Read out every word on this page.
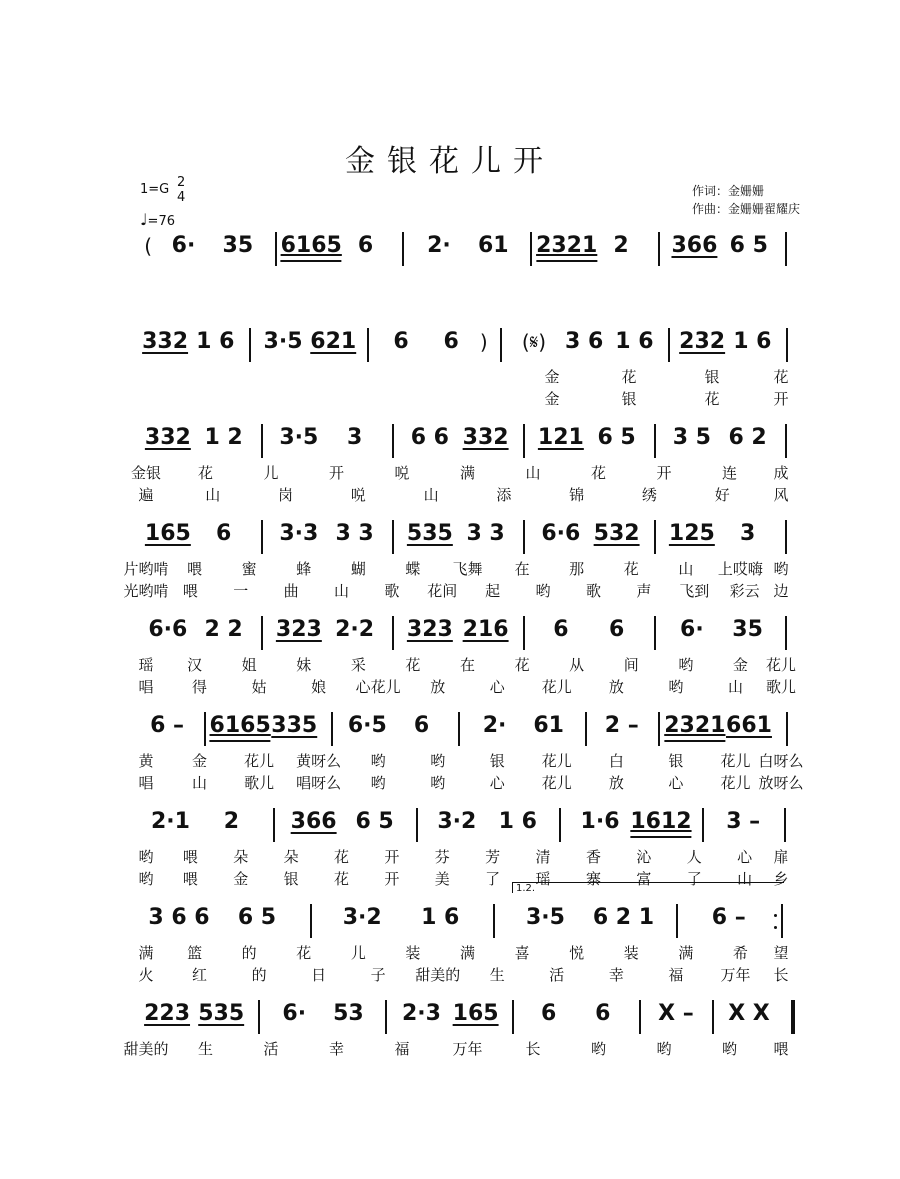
金银花儿开
1=G 2
4
♩=76
作词：金姗姗
作曲：金姗姗翟耀庆
( 6· 35 6165 6 2· 61 2321 2 366 6 5
332 1 6 3·5 621 6 6 ) (𝄋) 3 6 1 6 232 1 6
金	花	银	花
金	银	花	开
332 1 2 3·5 3 6 6 332 121 6 5 3 5 6 2
金银 花	儿	开	哾	满	山	花	开	连 成
遍	山	岗	哾	山	添	锦	绣	好	风
165 6 3·3 3 3 535 3 3 6·6 532 125 3
片哟啃 喂	蜜	蜂	蝴	蝶 飞舞 在	那	花	山 上哎嗨 哟
光哟啃 喂 一 曲 山 歌 花间 起 哟 歌 声 飞到 彩云 边
6·6 2 2 323 2·2 323 216 6 6	6· 35
瑶 汉	姐	妹	采	花	在	花	从	间	哟	金 花儿
唱	得	姑	娘 心花儿 放	心 花儿 放	哟	山 歌儿
6 – 6165 335 6·5 6 2· 61 2 – 2321 661
黄	金 花儿 黄呀么 哟	哟	银 花儿 白	银 花儿 白呀么
唱	山 歌儿 唱呀么 哟	哟	心 花儿 放	心 花儿 放呀么
2·1 2 366 6 5 3·2 1 6 1·6 1612 3 –
哟 喂 朵 朵 花 开 芬 芳 清 香 沁 人 心 扉
哟 喂 金 银 花 开 美 了 瑶 寨 富 了 山 乡
1.2.
3 6 6 6 5	3·2 1 6	3·5 6 2 1	6 –
满 篮	的	花	儿	装	满	喜	悦	装	满	希 望
火	红	的	日	子 甜美的 生	活	幸	福 万年 长
223 535 6· 53 2·3 165 6 6 X – X X
甜美的 生	活	幸	福	万年	长	哟	哟	哟 喂
